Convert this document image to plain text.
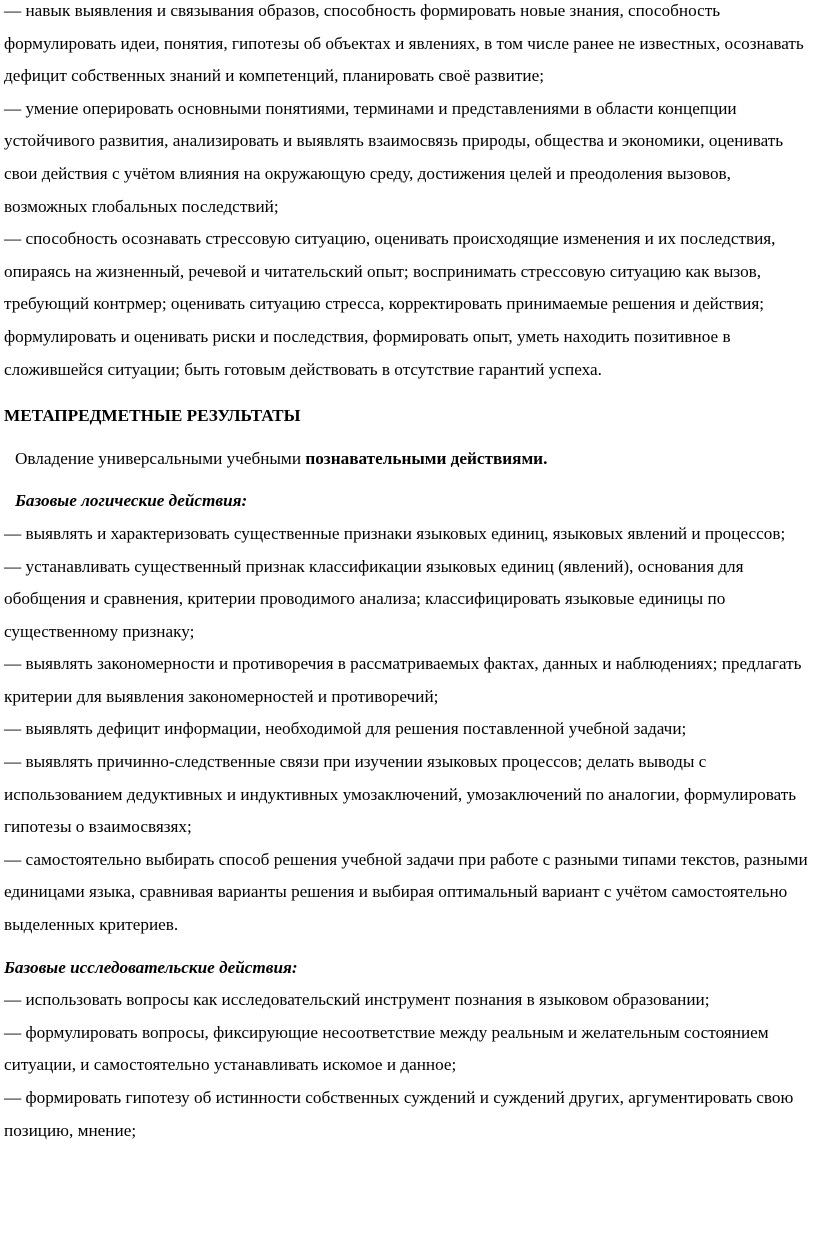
— навык выявления и связывания образов, способность формировать новые знания, способность формулировать идеи, понятия, гипотезы об объектах и явлениях, в том числе ранее не известных, осознавать дефицит собственных знаний и компетенций, планировать своё развитие;

— умение оперировать основными понятиями, терминами и представлениями в области концепции устойчивого развития, анализировать и выявлять взаимосвязь природы, общества и экономики, оценивать свои действия с учётом влияния на окружающую среду, достижения целей и преодоления вызовов, возможных глобальных последствий;

— способность осознавать стрессовую ситуацию, оценивать происходящие изменения и их последствия, опираясь на жизненный, речевой и читательский опыт; воспринимать стрессовую ситуацию как вызов, требующий контрмер; оценивать ситуацию стресса, корректировать принимаемые решения и действия; формулировать и оценивать риски и последствия, формировать опыт, уметь находить позитивное в сложившейся ситуации; быть готовым действовать в отсутствие гарантий успеха.

МЕТАПРЕДМЕТНЫЕ РЕЗУЛЬТАТЫ

Овладение универсальными учебными познавательными действиями.

Базовые логические действия:

— выявлять и характеризовать существенные признаки языковых единиц, языковых явлений и процессов;

— устанавливать существенный признак классификации языковых единиц (явлений), основания для обобщения и сравнения, критерии проводимого анализа; классифицировать языковые единицы по существенному признаку;

— выявлять закономерности и противоречия в рассматриваемых фактах, данных и наблюдениях; предлагать критерии для выявления закономерностей и противоречий;

— выявлять дефицит информации, необходимой для решения поставленной учебной задачи;

— выявлять причинно-следственные связи при изучении языковых процессов; делать выводы с использованием дедуктивных и индуктивных умозаключений, умозаключений по аналогии, формулировать гипотезы о взаимосвязях;

— самостоятельно выбирать способ решения учебной задачи при работе с разными типами текстов, разными единицами языка, сравнивая варианты решения и выбирая оптимальный вариант с учётом самостоятельно выделенных критериев.

Базовые исследовательские действия:

— использовать вопросы как исследовательский инструмент познания в языковом образовании;

— формулировать вопросы, фиксирующие несоответствие между реальным и желательным состоянием ситуации, и самостоятельно устанавливать искомое и данное;

— формировать гипотезу об истинности собственных суждений и суждений других, аргументировать свою позицию, мнение;
